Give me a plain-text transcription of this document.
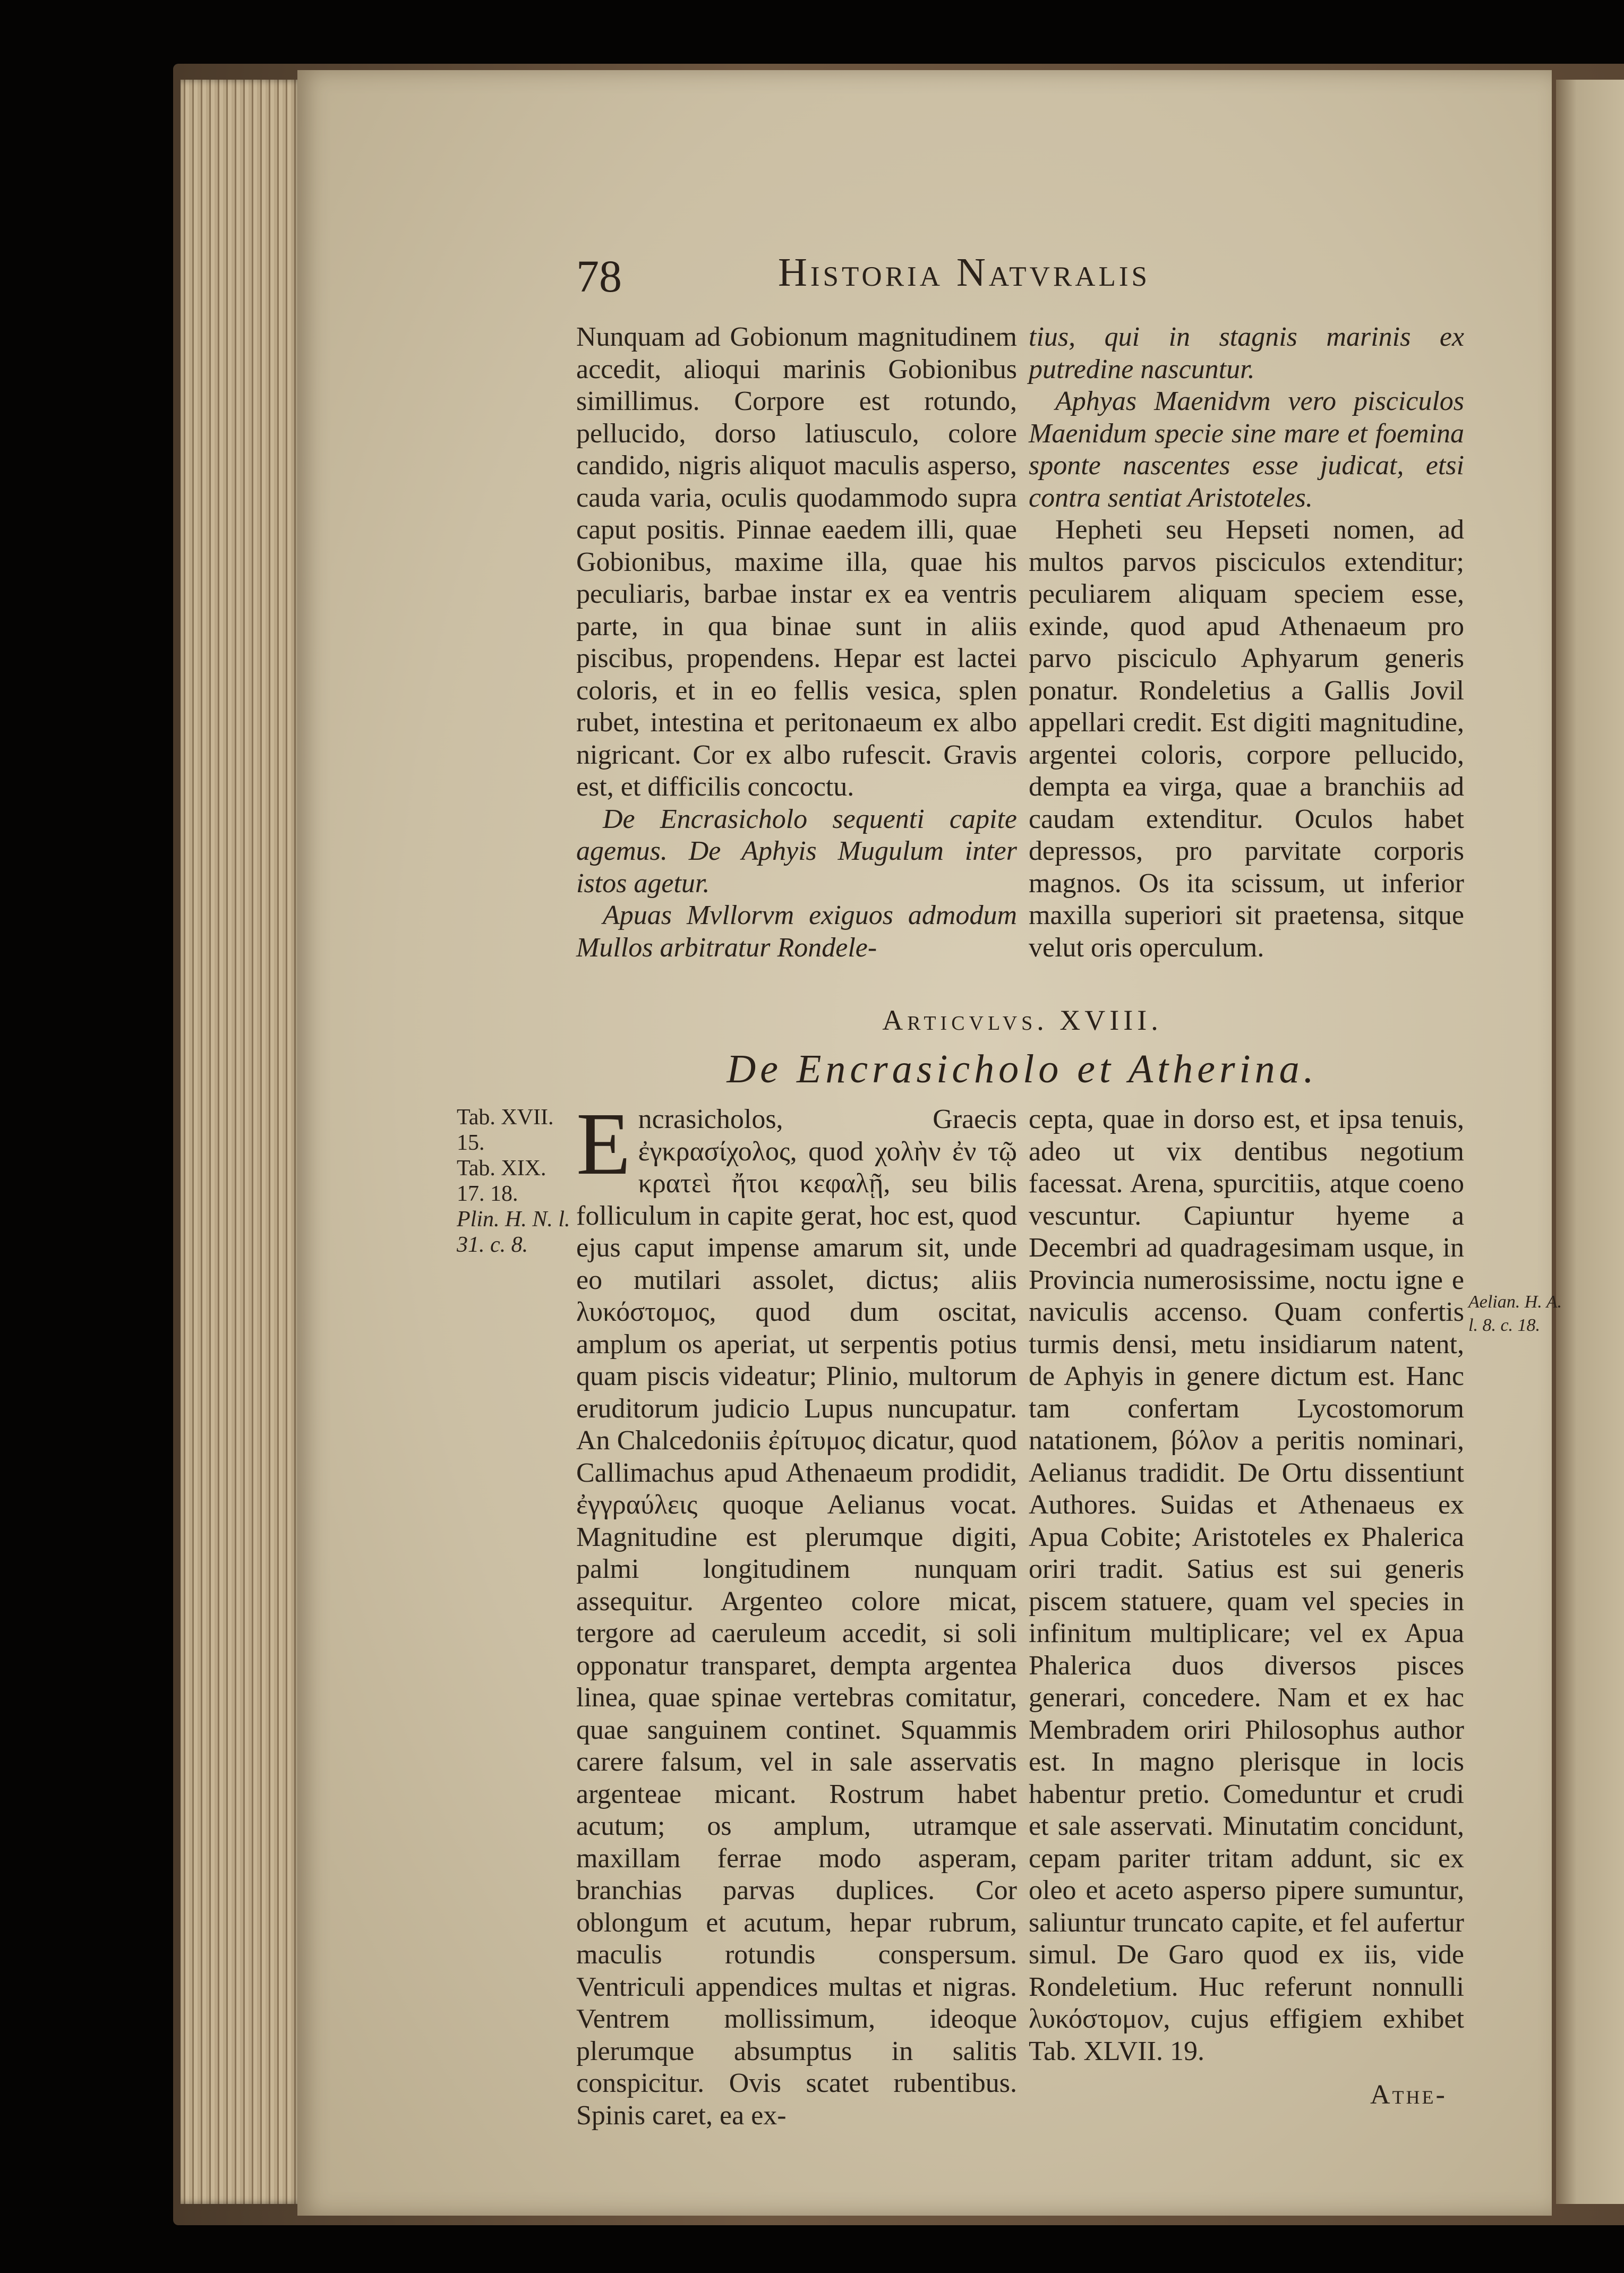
78	Historia Natvralis

Nunquam ad Gobionum magnitudinem accedit, alioqui marinis Gobionibus simillimus. Corpore est rotundo, pellucido, dorso latiusculo, colore candido, nigris aliquot maculis asperso, cauda varia, oculis quodammodo supra caput positis. Pinnae eaedem illi, quae Gobionibus, maxime illa, quae his peculiaris, barbae instar ex ea ventris parte, in qua binae sunt in aliis piscibus, propendens. Hepar est lactei coloris, et in eo fellis vesica, splen rubet, intestina et peritonaeum ex albo nigricant. Cor ex albo rufescit. Gravis est, et difficilis concoctu.

De Encrasicholo sequenti capite agemus. De Aphyis Mugulum inter istos agetur.

Apuas Mvllorvm exiguos admodum Mullos arbitratur Rondele-

tius, qui in stagnis marinis ex putredine nascuntur.

Aphyas Maenidvm vero pisciculos Maenidum specie sine mare et foemina sponte nascentes esse judicat, etsi contra sentiat Aristoteles.

Hepheti seu Hepseti nomen, ad multos parvos pisciculos extenditur; peculiarem aliquam speciem esse, exinde, quod apud Athenaeum pro parvo pisciculo Aphyarum generis ponatur. Rondeletius a Gallis Jovil appellari credit. Est digiti magnitudine, argentei coloris, corpore pellucido, dempta ea virga, quae a branchiis ad caudam extenditur. Oculos habet depressos, pro parvitate corporis magnos. Os ita scissum, ut inferior maxilla superiori sit praetensa, sitque velut oris operculum.

Articvlvs. XVIII.
De Encrasicholo et Atherina.
Tab. XVII. 15.
Tab. XIX. 17. 18.
Plin. H. N. l. 31. c. 8.
Encrasicholos, Graecis ἐγκρασίχολος, quod χολὴν ἐν τῷ κρατεὶ ἤτοι κεφαλῇ, seu bilis folliculum in capite gerat, hoc est, quod ejus caput impense amarum sit, unde eo mutilari assolet, dictus; aliis λυκόστομος, quod dum oscitat, amplum os aperiat, ut serpentis potius quam piscis videatur; Plinio, multorum eruditorum judicio Lupus nuncupatur. An Chalcedoniis ἐρίτυμος dicatur, quod Callimachus apud Athenaeum prodidit, ἐγγραύλεις quoque Aelianus vocat. Magnitudine est plerumque digiti, palmi longitudinem nunquam assequitur. Argenteo colore micat, tergore ad caeruleum accedit, si soli opponatur transparet, dempta argentea linea, quae spinae vertebras comitatur, quae sanguinem continet. Squammis carere falsum, vel in sale asservatis argenteae micant. Rostrum habet acutum; os amplum, utramque maxillam ferrae modo asperam, branchias parvas duplices. Cor oblongum et acutum, hepar rubrum, maculis rotundis conspersum. Ventriculi appendices multas et nigras. Ventrem mollissimum, ideoque plerumque absumptus in salitis conspicitur. Ovis scatet rubentibus. Spinis caret, ea ex-
cepta, quae in dorso est, et ipsa tenuis, adeo ut vix dentibus negotium facessat. Arena, spurcitiis, atque coeno vescuntur. Capiuntur hyeme a Decembri ad quadragesimam usque, in Provincia numerosissime, noctu igne e naviculis accenso. Quam confertis turmis densi, metu insidiarum natent, de Aphyis in genere dictum est. Hanc tam confertam Lycostomorum natationem, βόλον a peritis nominari, Aelianus tradidit. De Ortu dissentiunt Authores. Suidas et Athenaeus ex Apua Cobite; Aristoteles ex Phalerica oriri tradit. Satius est sui generis piscem statuere, quam vel species in infinitum multiplicare; vel ex Apua Phalerica duos diversos pisces generari, concedere. Nam et ex hac Membradem oriri Philosophus author est. In magno plerisque in locis habentur pretio. Comeduntur et crudi et sale asservati. Minutatim concidunt, cepam pariter tritam addunt, sic ex oleo et aceto asperso pipere sumuntur, saliuntur truncato capite, et fel aufertur simul. De Garo quod ex iis, vide Rondeletium. Huc referunt nonnulli λυκόστομον, cujus effigiem exhibet Tab. XLVII. 19.
Aelian. H. A. l. 8. c. 18.
Athe-
